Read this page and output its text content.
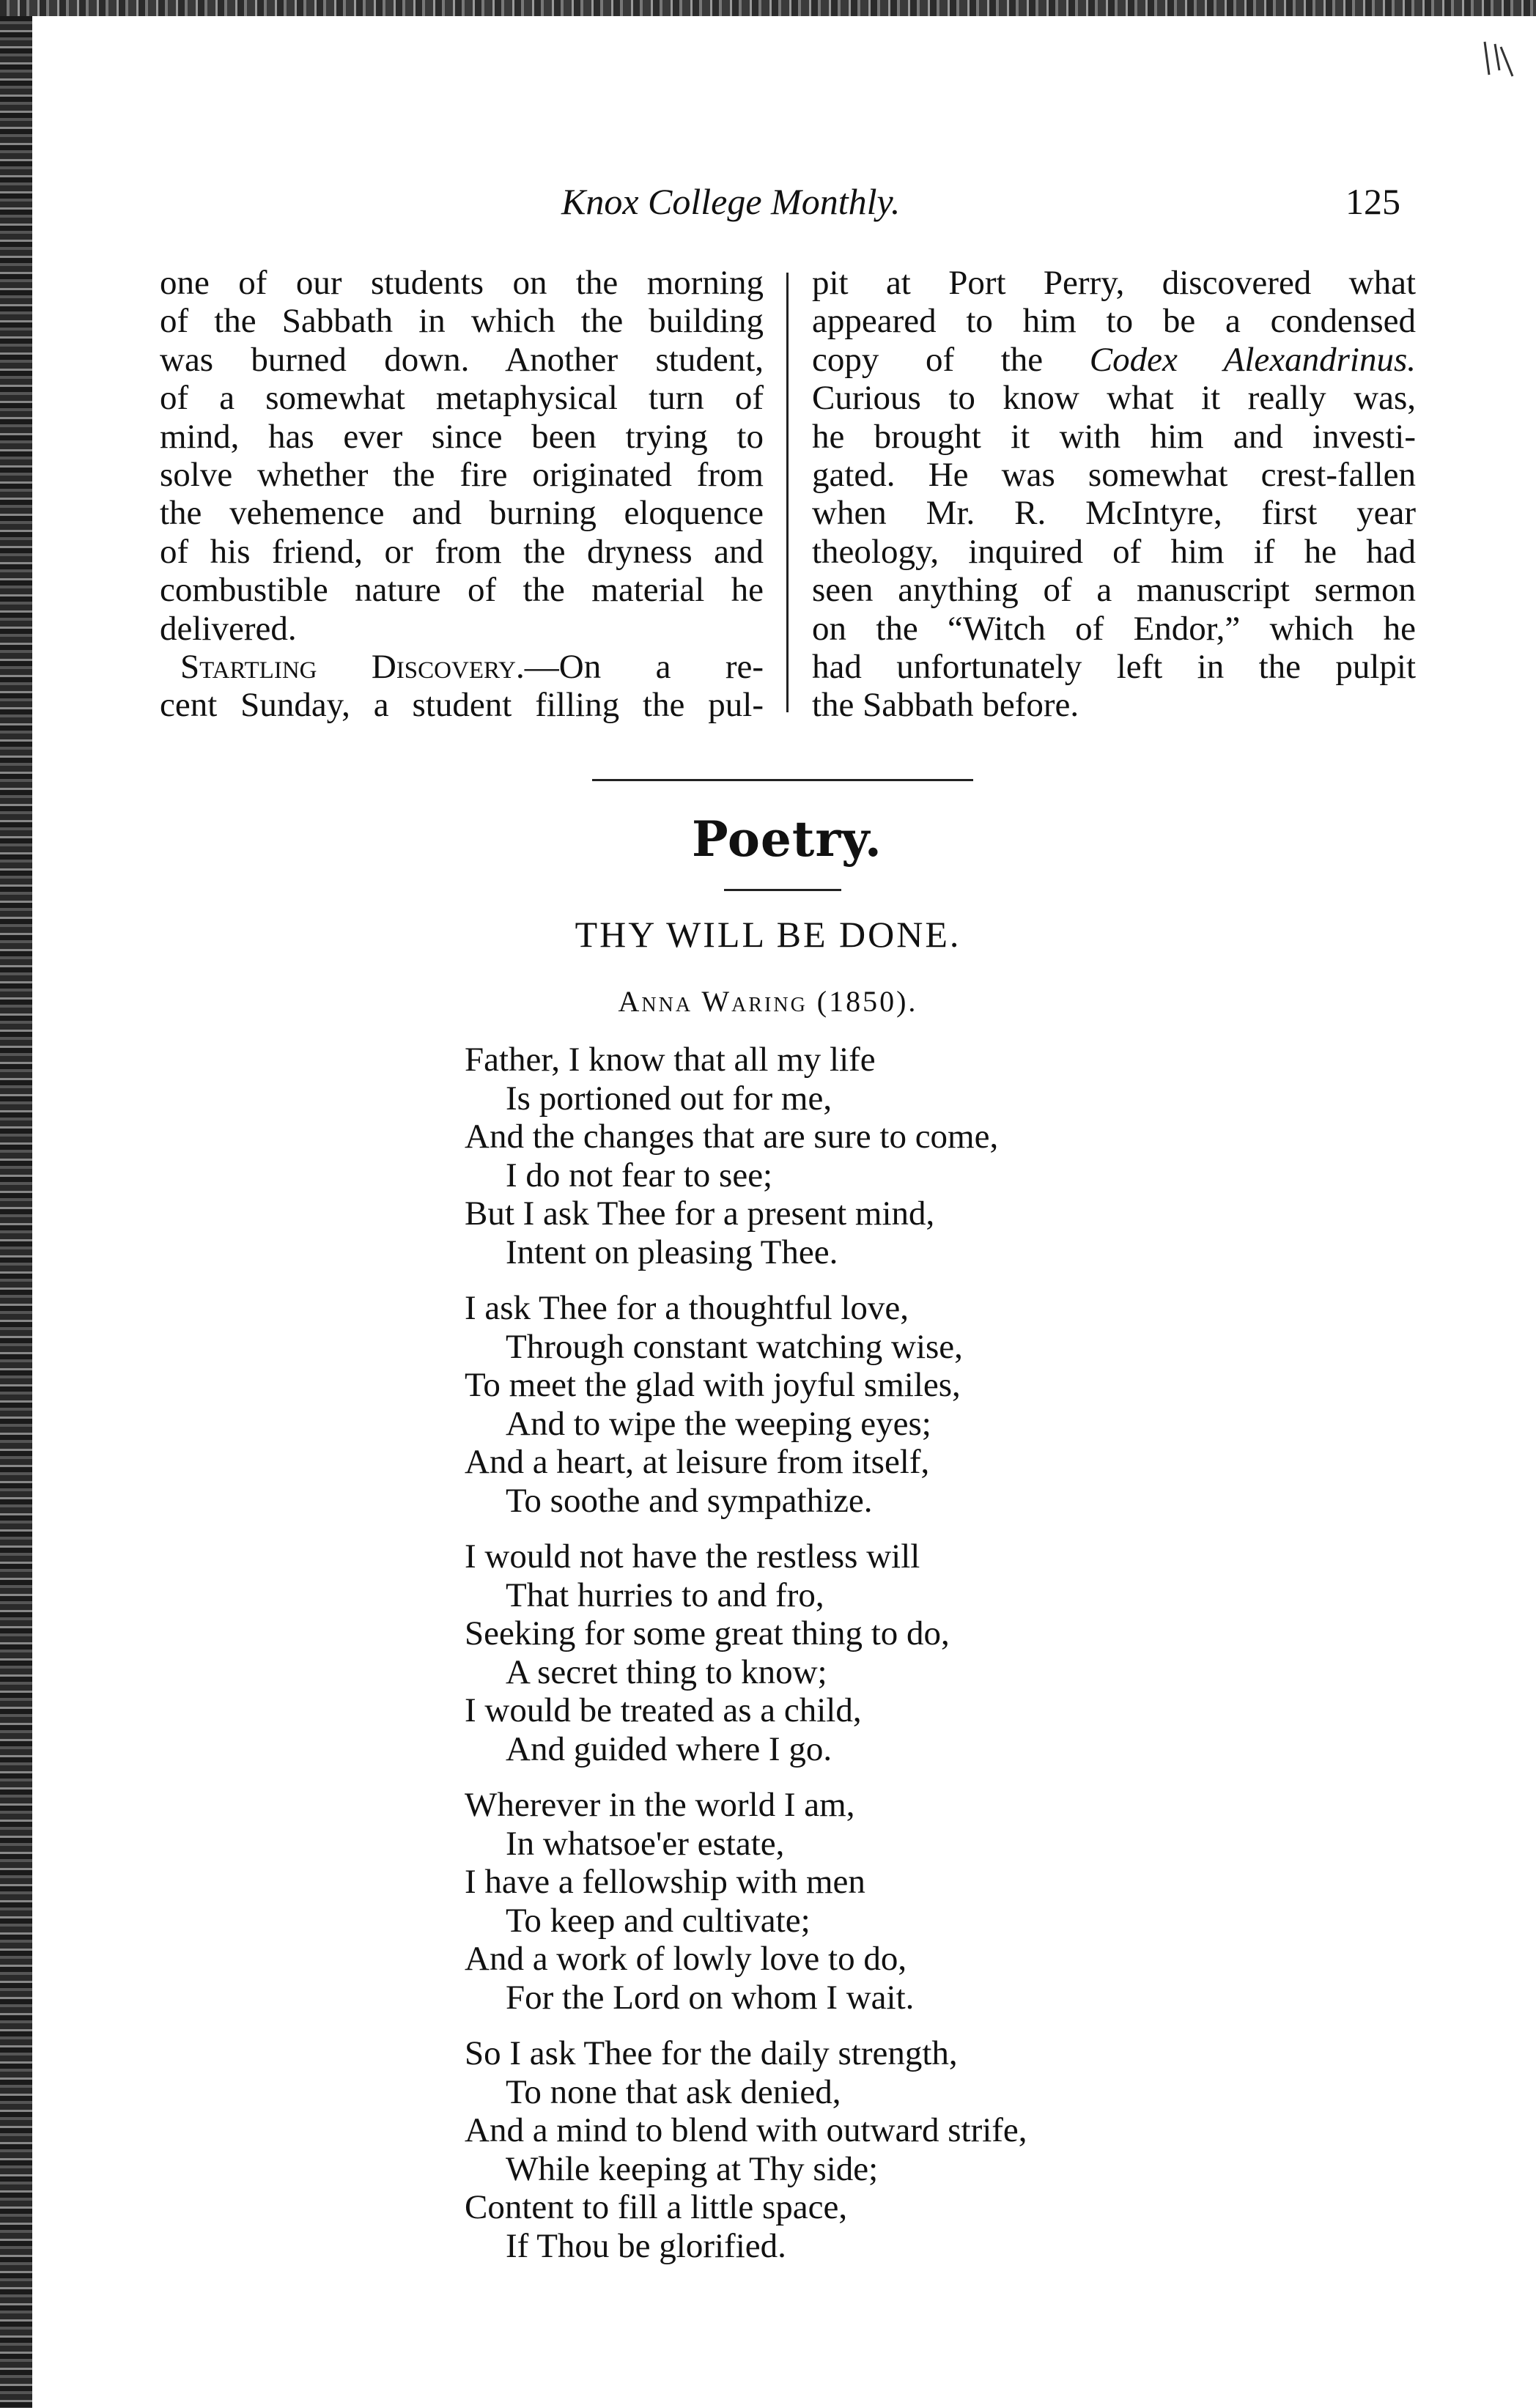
Knox College Monthly.	125

one of our students on the morning
of the Sabbath in which the building
was burned down. Another student,
of a somewhat metaphysical turn of
mind, has ever since been trying to
solve whether the fire originated from
the vehemence and burning eloquence
of his friend, or from the dryness and
combustible nature of the material he
delivered.

Startling Discovery.—On a re-
cent Sunday, a student filling the pul-

pit at Port Perry, discovered what
appeared to him to be a condensed
copy of the Codex Alexandrinus.
Curious to know what it really was,
he brought it with him and investi-
gated. He was somewhat crest-fallen
when Mr. R. McIntyre, first year
theology, inquired of him if he had
seen anything of a manuscript sermon
on the “Witch of Endor,” which he
had unfortunately left in the pulpit
the Sabbath before.

Poetry.
THY WILL BE DONE.
Anna Waring (1850).
Father, I know that all my life
Is portioned out for me,
And the changes that are sure to come,
I do not fear to see;
But I ask Thee for a present mind,
Intent on pleasing Thee.
I ask Thee for a thoughtful love,
Through constant watching wise,
To meet the glad with joyful smiles,
And to wipe the weeping eyes;
And a heart, at leisure from itself,
To soothe and sympathize.
I would not have the restless will
That hurries to and fro,
Seeking for some great thing to do,
A secret thing to know;
I would be treated as a child,
And guided where I go.
Wherever in the world I am,
In whatsoe'er estate,
I have a fellowship with men
To keep and cultivate;
And a work of lowly love to do,
For the Lord on whom I wait.
So I ask Thee for the daily strength,
To none that ask denied,
And a mind to blend with outward strife,
While keeping at Thy side;
Content to fill a little space,
If Thou be glorified.
